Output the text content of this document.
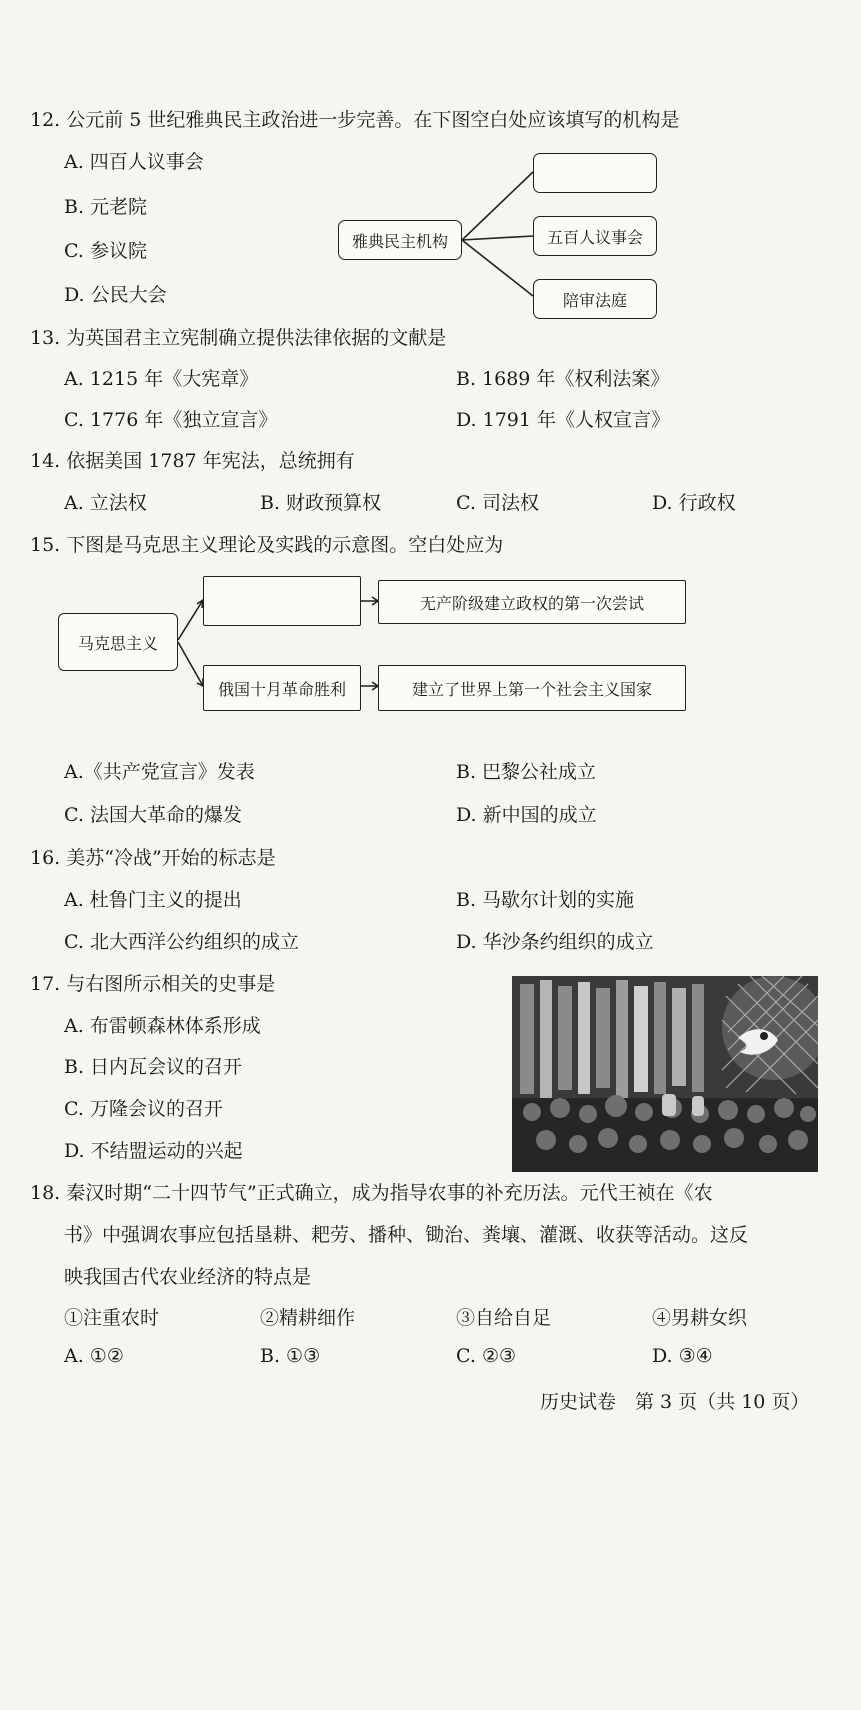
12. 公元前 5 世纪雅典民主政治进一步完善。在下图空白处应该填写的机构是
A. 四百人议事会
B. 元老院
C. 参议院
D. 公民大会
雅典民主机构	五百人议事会
陪审法庭
13. 为英国君主立宪制确立提供法律依据的文献是
A. 1215 年《大宪章》	B. 1689 年《权利法案》
C. 1776 年《独立宣言》	D. 1791 年《人权宣言》
14. 依据美国 1787 年宪法，总统拥有
A. 立法权	B. 财政预算权	C. 司法权	D. 行政权
15. 下图是马克思主义理论及实践的示意图。空白处应为
马克思主义
无产阶级建立政权的第一次尝试
俄国十月革命胜利	建立了世界上第一个社会主义国家
A.《共产党宣言》发表	B. 巴黎公社成立
C. 法国大革命的爆发	D. 新中国的成立
16. 美苏“冷战”开始的标志是
A. 杜鲁门主义的提出	B. 马歇尔计划的实施
C. 北大西洋公约组织的成立	D. 华沙条约组织的成立
17. 与右图所示相关的史事是
A. 布雷顿森林体系形成
B. 日内瓦会议的召开
C. 万隆会议的召开
D. 不结盟运动的兴起
18. 秦汉时期“二十四节气”正式确立，成为指导农事的补充历法。元代王祯在《农
书》中强调农事应包括垦耕、耙劳、播种、锄治、粪壤、灌溉、收获等活动。这反
映我国古代农业经济的特点是
①注重农时	②精耕细作	③自给自足	④男耕女织
A. ①②	B. ①③	C. ②③	D. ③④
历史试卷　第 3 页（共 10 页）
